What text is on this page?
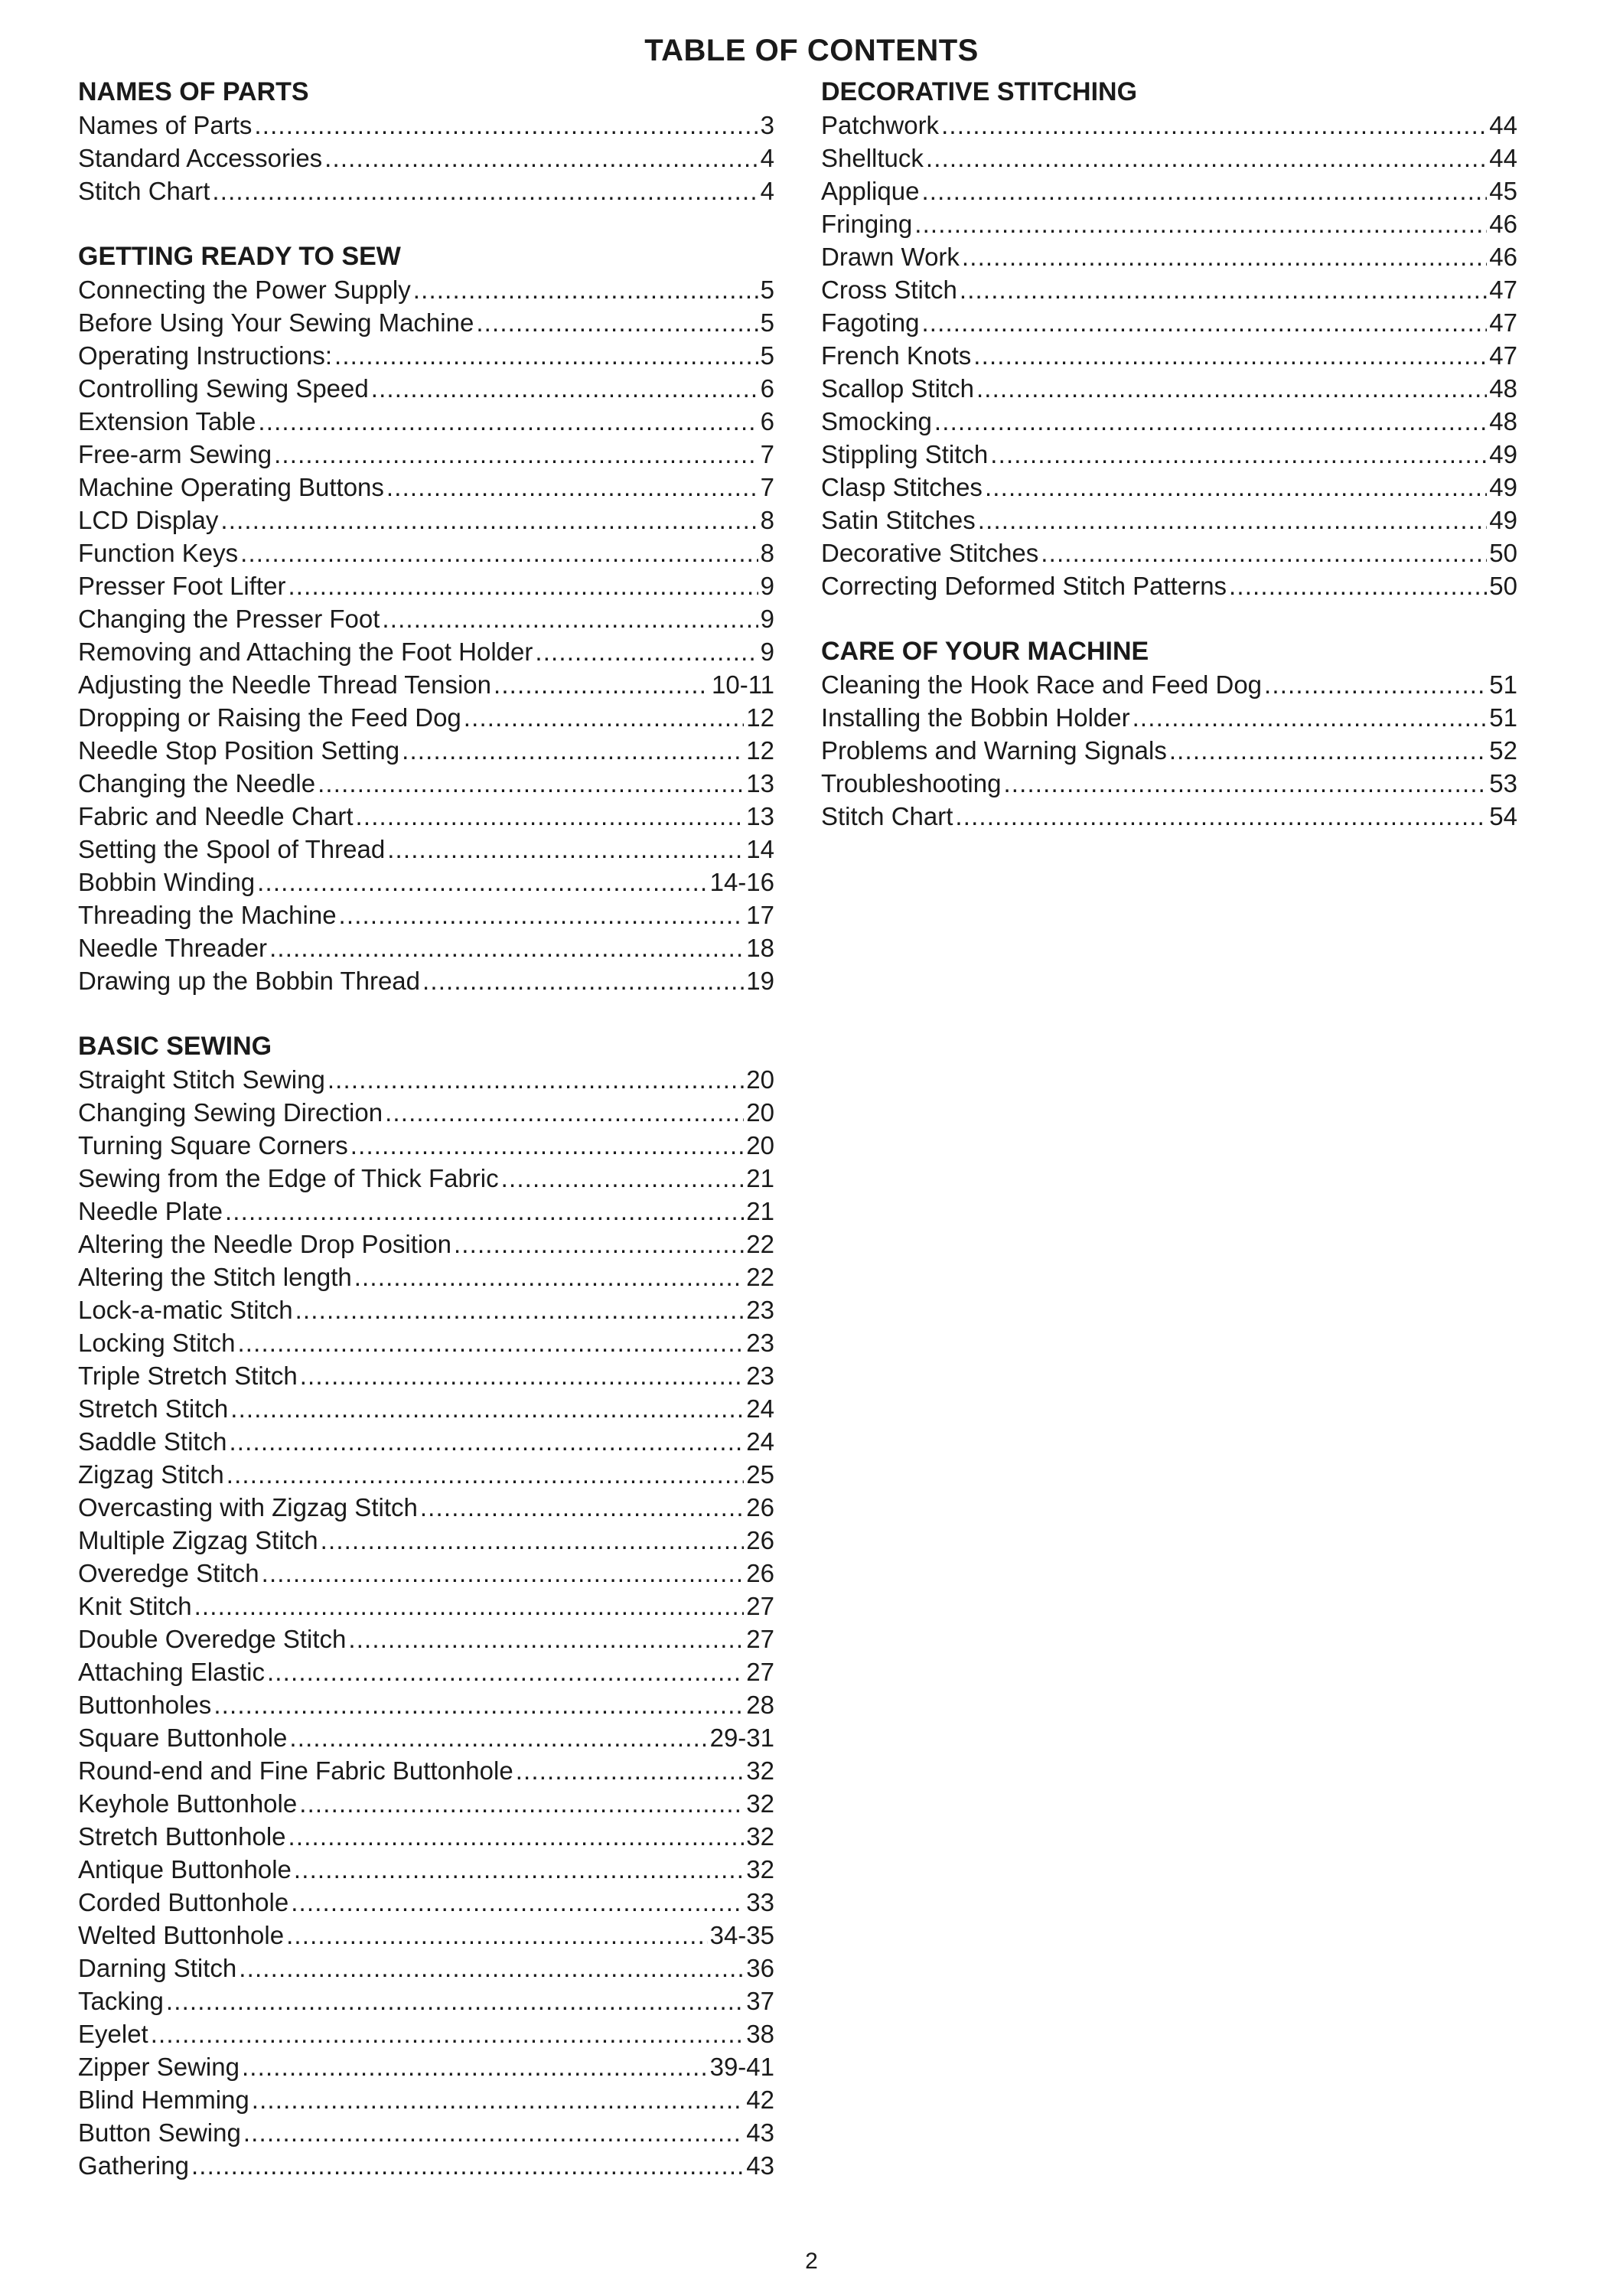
TABLE OF CONTENTS
NAMES OF PARTS
Names of Parts . . .	3
Standard Accessories . . .	4
Stitch Chart . . .	4
GETTING READY TO SEW
Connecting the Power Supply . . .	5
Before Using Your Sewing Machine . . .	5
Operating Instructions: . . .	5
Controlling Sewing Speed . . .	6
Extension Table . . .	6
Free-arm Sewing . . .	7
Machine Operating Buttons . . .	7
LCD Display . . .	8
Function Keys . . .	8
Presser Foot Lifter . . .	9
Changing the Presser Foot . . .	9
Removing and Attaching the Foot Holder . . .	9
Adjusting the Needle Thread Tension . . .	10-11
Dropping or Raising the Feed Dog . . .	12
Needle Stop Position Setting . . .	12
Changing the Needle . . .	13
Fabric and Needle Chart . . .	13
Setting the Spool of Thread . . .	14
Bobbin Winding . . .	14-16
Threading the Machine . . .	17
Needle Threader . . .	18
Drawing up the Bobbin Thread . . .	19
BASIC SEWING
Straight Stitch Sewing . . .	20
Changing Sewing Direction . . .	20
Turning Square Corners . . .	20
Sewing from the Edge of Thick Fabric . . .	21
Needle Plate . . .	21
Altering the Needle Drop Position . . .	22
Altering the Stitch length . . .	22
Lock-a-matic Stitch . . .	23
Locking Stitch . . .	23
Triple Stretch Stitch . . .	23
Stretch Stitch . . .	24
Saddle Stitch . . .	24
Zigzag Stitch . . .	25
Overcasting with Zigzag Stitch . . .	26
Multiple Zigzag Stitch . . .	26
Overedge Stitch . . .	26
Knit Stitch . . .	27
Double Overedge Stitch . . .	27
Attaching Elastic . . .	27
Buttonholes . . .	28
Square Buttonhole . . .	29-31
Round-end and Fine Fabric Buttonhole . . .	32
Keyhole Buttonhole . . .	32
Stretch Buttonhole . . .	32
Antique Buttonhole . . .	32
Corded Buttonhole . . .	33
Welted Buttonhole . . .	34-35
Darning Stitch . . .	36
Tacking . . .	37
Eyelet . . .	38
Zipper Sewing . . .	39-41
Blind Hemming . . .	42
Button Sewing . . .	43
Gathering . . .	43
DECORATIVE STITCHING
Patchwork . . .	44
Shelltuck . . .	44
Applique . . .	45
Fringing . . .	46
Drawn Work . . .	46
Cross Stitch . . .	47
Fagoting . . .	47
French Knots . . .	47
Scallop Stitch . . .	48
Smocking . . .	48
Stippling Stitch . . .	49
Clasp Stitches . . .	49
Satin Stitches . . .	49
Decorative Stitches . . .	50
Correcting Deformed Stitch Patterns . . .	50
CARE OF YOUR MACHINE
Cleaning the Hook Race and Feed Dog . . .	51
Installing the Bobbin Holder . . .	51
Problems and Warning Signals . . .	52
Troubleshooting . . .	53
Stitch Chart . . .	54
2
